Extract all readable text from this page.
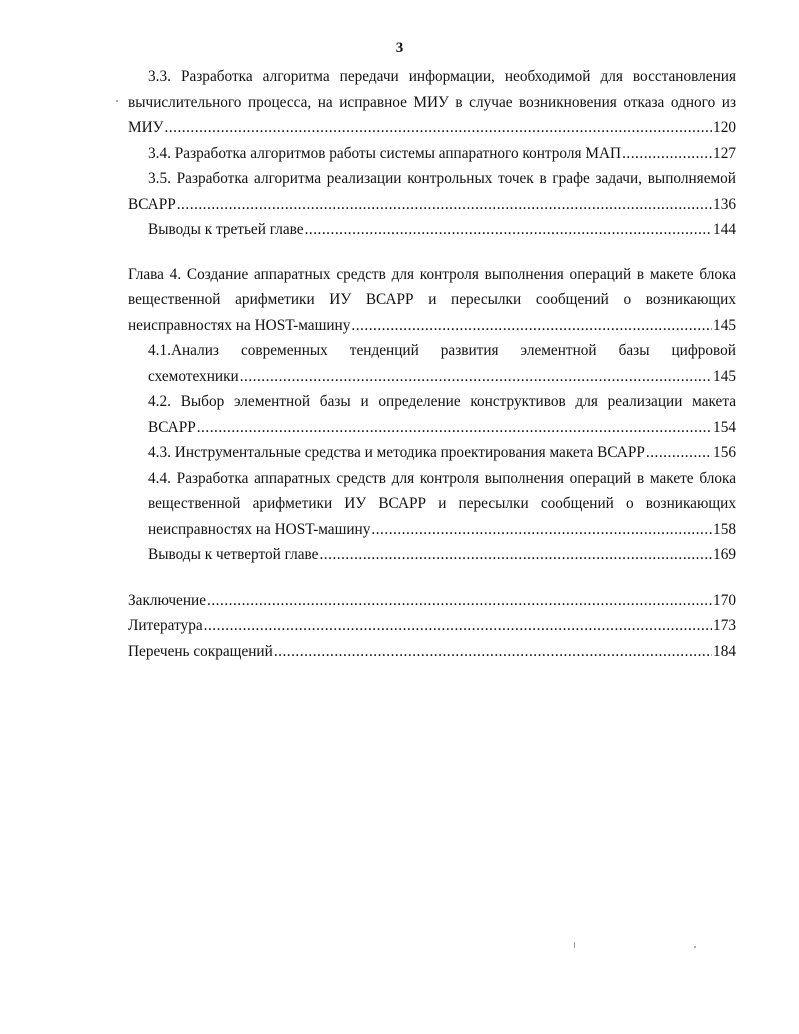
3
3.3. Разработка алгоритма передачи информации, необходимой для восстановления
вычислительного процесса, на исправное МИУ в случае возникновения отказа одного из
МИУ .....	120
3.4. Разработка алгоритмов работы системы аппаратного контроля МАП .....	127
3.5. Разработка алгоритма реализации контрольных точек в графе задачи, выполняемой
ВСАРР .....	136
Выводы к третьей главе .....	144
Глава 4. Создание аппаратных средств для контроля выполнения операций в макете блока
вещественной арифметики ИУ ВСАРР и пересылки сообщений о возникающих
неисправностях на HOST-машину .....	145
4.1.Анализ современных тенденций развития элементной базы цифровой
схемотехники .....	145
4.2. Выбор элементной базы и определение конструктивов для реализации макета
ВСАРР .....	154
4.3. Инструментальные средства и методика проектирования макета ВСАРР .....	156
4.4. Разработка аппаратных средств для контроля выполнения операций в макете блока
вещественной арифметики ИУ ВСАРР и пересылки сообщений о возникающих
неисправностях на HOST-машину .....	158
Выводы к четвертой главе .....	169
Заключение .....	170
Литература .....	173
Перечень сокращений .....	184
